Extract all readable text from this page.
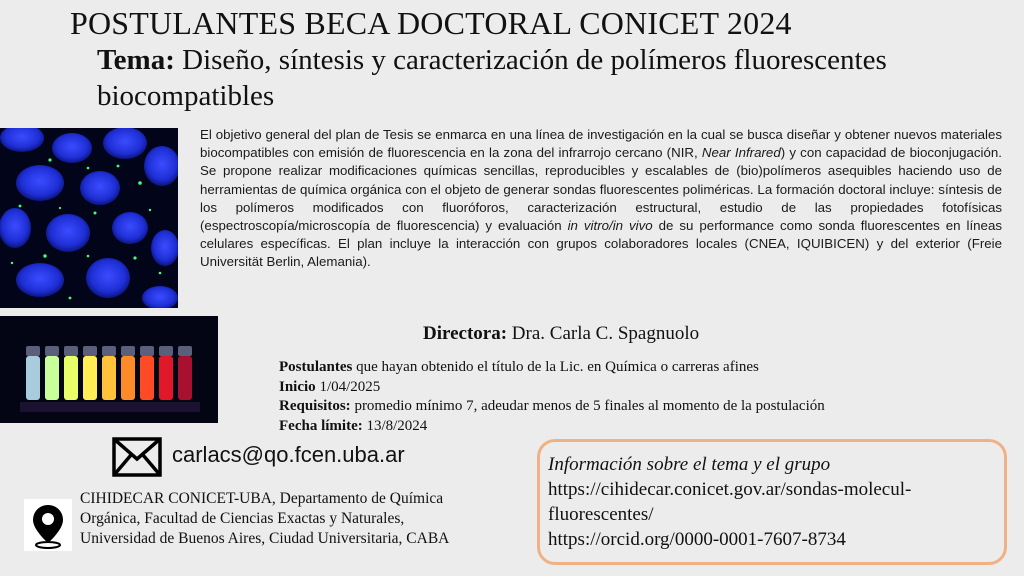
POSTULANTES BECA DOCTORAL CONICET 2024
Tema: Diseño, síntesis y caracterización de polímeros fluorescentes biocompatibles
El objetivo general del plan de Tesis se enmarca en una línea de investigación en la cual se busca diseñar y obtener nuevos materiales biocompatibles con emisión de fluorescencia en la zona del infrarrojo cercano (NIR, Near Infrared) y con capacidad de bioconjugación. Se propone realizar modificaciones químicas sencillas, reproducibles y escalables de (bio)polímeros asequibles haciendo uso de herramientas de química orgánica con el objeto de generar sondas fluorescentes poliméricas. La formación doctoral incluye: síntesis de los polímeros modificados con fluoróforos, caracterización estructural, estudio de las propiedades fotofísicas (espectroscopía/microscopía de fluorescencia) y evaluación in vitro/in vivo de su performance como sonda fluorescentes en líneas celulares específicas. El plan incluye la interacción con grupos colaboradores locales (CNEA, IQUIBICEN) y del exterior (Freie Universität Berlin, Alemania).
Directora: Dra. Carla C. Spagnuolo
Postulantes que hayan obtenido el título de la Lic. en Química o carreras afines
Inicio 1/04/2025
Requisitos: promedio mínimo 7, adeudar menos de 5 finales al momento de la postulación
Fecha límite: 13/8/2024
carlacs@qo.fcen.uba.ar
CIHIDECAR CONICET-UBA, Departamento de Química Orgánica, Facultad de Ciencias Exactas y Naturales, Universidad de Buenos Aires, Ciudad Universitaria, CABA
Información sobre el tema y el grupo
https://cihidecar.conicet.gov.ar/sondas-molecul-
fluorescentes/
https://orcid.org/0000-0001-7607-8734
